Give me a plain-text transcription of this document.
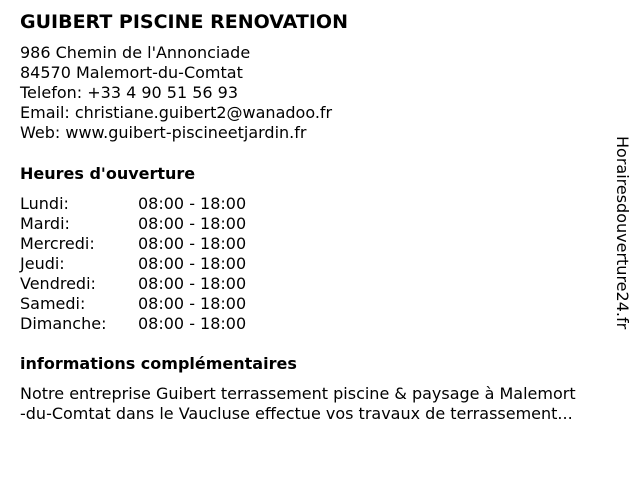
GUIBERT PISCINE RENOVATION
986 Chemin de l'Annonciade
84570 Malemort-du-Comtat
Telefon: +33 4 90 51 56 93
Email: christiane.guibert2@wanadoo.fr
Web: www.guibert-piscineetjardin.fr
Heures d'ouverture
Lundi:	08:00 - 18:00
Mardi:	08:00 - 18:00
Mercredi:	08:00 - 18:00
Jeudi:	08:00 - 18:00
Vendredi:	08:00 - 18:00
Samedi:	08:00 - 18:00
Dimanche: 08:00 - 18:00
informations complémentaires
Notre entreprise Guibert terrassement piscine & paysage à Malemort
-du-Comtat dans le Vaucluse effectue vos travaux de terrassement...
Horairesdouverture24.fr
